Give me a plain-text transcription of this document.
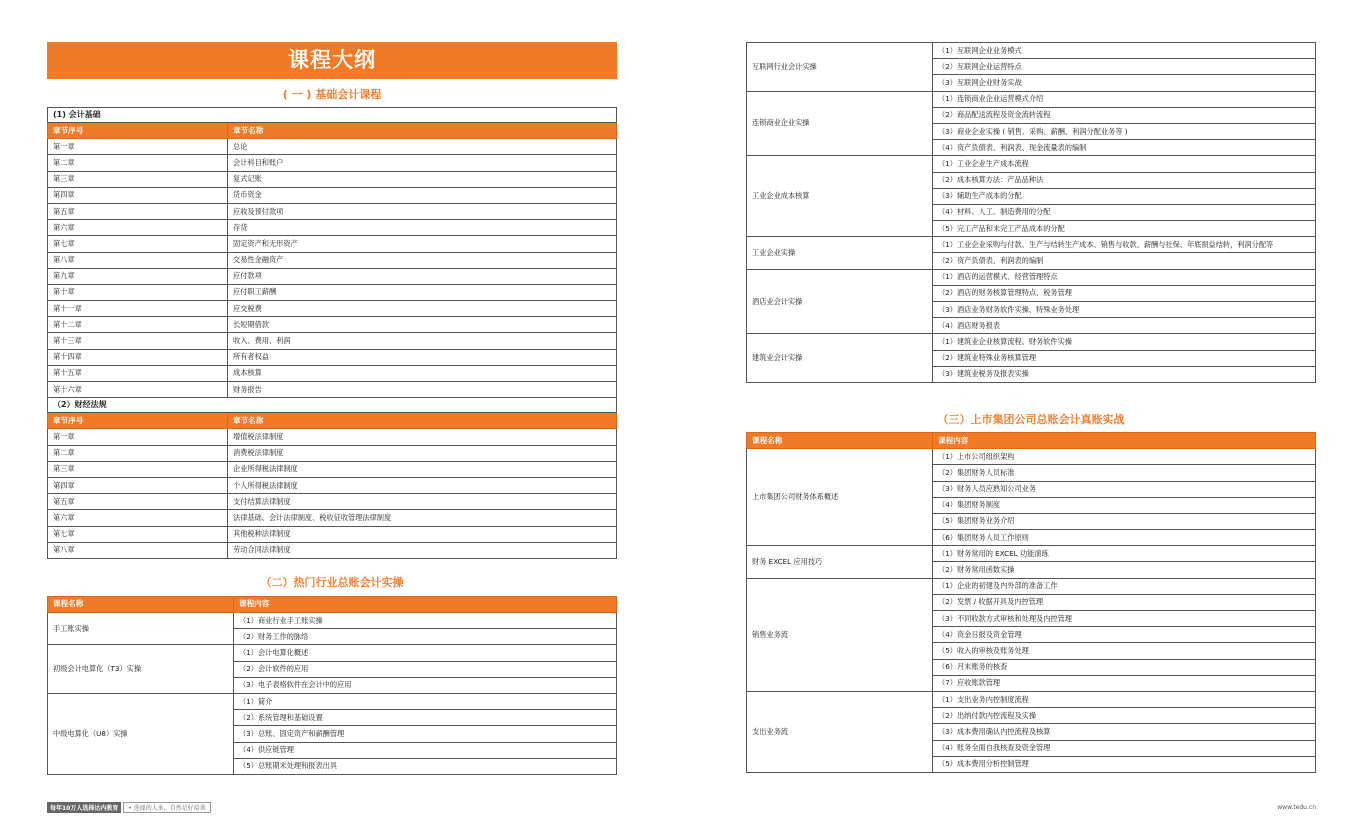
课程大纲
( 一 ) 基础会计课程
(1) 会计基础	
章节序号	章节名称
第一章	总论
第二章	会计科目和账户
第三章	复式记账
第四章	货币资金
第五章	应收及预付款项
第六章	存货
第七章	固定资产和无形资产
第八章	交易性金融资产
第九章	应付款项
第十章	应付职工薪酬
第十一章	应交税费
第十二章	长短期借款
第十三章	收入、费用、利润
第十四章	所有者权益
第十五章	成本核算
第十六章	财务报告
（2）财经法规	
章节序号	章节名称
第一章	增值税法律制度
第二章	消费税法律制度
第三章	企业所得税法律制度
第四章	个人所得税法律制度
第五章	支付结算法律制度
第六章	法律基础、会计法律制度、税收征收管理法律制度
第七章	其他税种法律制度
第八章	劳动合同法律制度
（二）热门行业总账会计实操
课程名称	课程内容
手工账实操	（1）商业行业手工账实操
	（2）财务工作的脉络
初级会计电算化（T3）实操	（1）会计电算化概述
	（2）会计软件的应用
	（3）电子表格软件在会计中的应用
中级电算化（U8）实操	（1）简介
	（2）系统管理和基础设置
	（3）总账、固定资产和薪酬管理
	（4）供应链管理
	（5）总账期末处理和报表出具
互联网行业会计实操	（1）互联网企业业务模式
	（2）互联网企业运营特点
	（3）互联网企业财务实战
连锁商业企业实操	（1）连锁商业企业运营模式介绍
	（2）商品配送流程及资金流转流程
	（3）商业企业实操 ( 销售、采购、薪酬、利润分配业务等 )
	（4）资产负债表、利润表、现金流量表的编制
工业企业成本核算	（1）工业企业生产成本流程
	（2）成本核算方法：产品品种法
	（3）辅助生产成本的分配
	（4）材料、人工、制造费用的分配
	（5）完工产品和未完工产品成本的分配
工业企业实操	（1）工业企业采购与付款、生产与结转生产成本、销售与收款、薪酬与社保、年底损益结转，利润分配等
	（2）资产负债表、利润表的编制
酒店业会计实操	（1）酒店的运营模式、经营管理特点
	（2）酒店的财务核算管理特点、税务管理
	（3）酒店业务财务软件实操、特殊业务处理
	（4）酒店财务报表
建筑业会计实操	（1）建筑业企业核算流程、财务软件实操
	（2）建筑业特殊业务核算管理
	（3）建筑业税务及报表实操
（三）上市集团公司总账会计真账实战
课程名称	课程内容
上市集团公司财务体系概述	（1）上市公司组织架构
	（2）集团财务人员标准
	（3）财务人员应熟知公司业务
	（4）集团财务制度
	（5）集团财务业务介绍
	（6）集团财务人员工作原则
财务 EXCEL 应用技巧	（1）财务常用的 EXCEL 功能演练
	（2）财务常用函数实操
销售业务流	（1）企业的初建及内外部的准备工作
	（2）发票 / 收据开具及内控管理
	（3）不同收款方式审核和处理及内控管理
	（4）资金日报及资金管理
	（5）收入的审核及账务处理
	（6）月末账务的核查
	（7）应收账款管理
支出业务流	（1）支出业务内控制度流程
	（2）出纳付款内控流程及实操
	（3）成本费用确认内控流程及核算
	（4）账务全面自我核查及资金管理
	（5）成本费用分析控制管理
每年10万人选择达内教育	• 选择的人多，自然是好培训	www.tedu.cn
